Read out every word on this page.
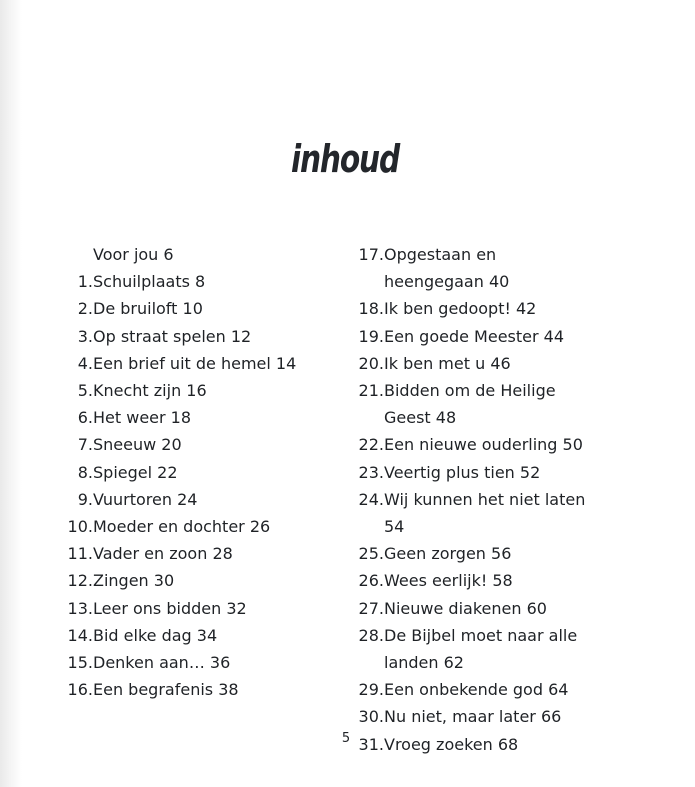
inhoud
Voor jou 6
1. Schuilplaats 8
2. De bruiloft 10
3. Op straat spelen 12
4. Een brief uit de hemel 14
5. Knecht zijn 16
6. Het weer 18
7. Sneeuw 20
8. Spiegel 22
9. Vuurtoren 24
10. Moeder en dochter 26
11. Vader en zoon 28
12. Zingen 30
13. Leer ons bidden 32
14. Bid elke dag 34
15. Denken aan… 36
16. Een begrafenis 38
17. Opgestaan en heengegaan 40
18. Ik ben gedoopt! 42
19. Een goede Meester 44
20. Ik ben met u 46
21. Bidden om de Heilige Geest 48
22. Een nieuwe ouderling 50
23. Veertig plus tien 52
24. Wij kunnen het niet laten 54
25. Geen zorgen 56
26. Wees eerlijk! 58
27. Nieuwe diakenen 60
28. De Bijbel moet naar alle landen 62
29. Een onbekende god 64
30. Nu niet, maar later 66
31. Vroeg zoeken 68
5
